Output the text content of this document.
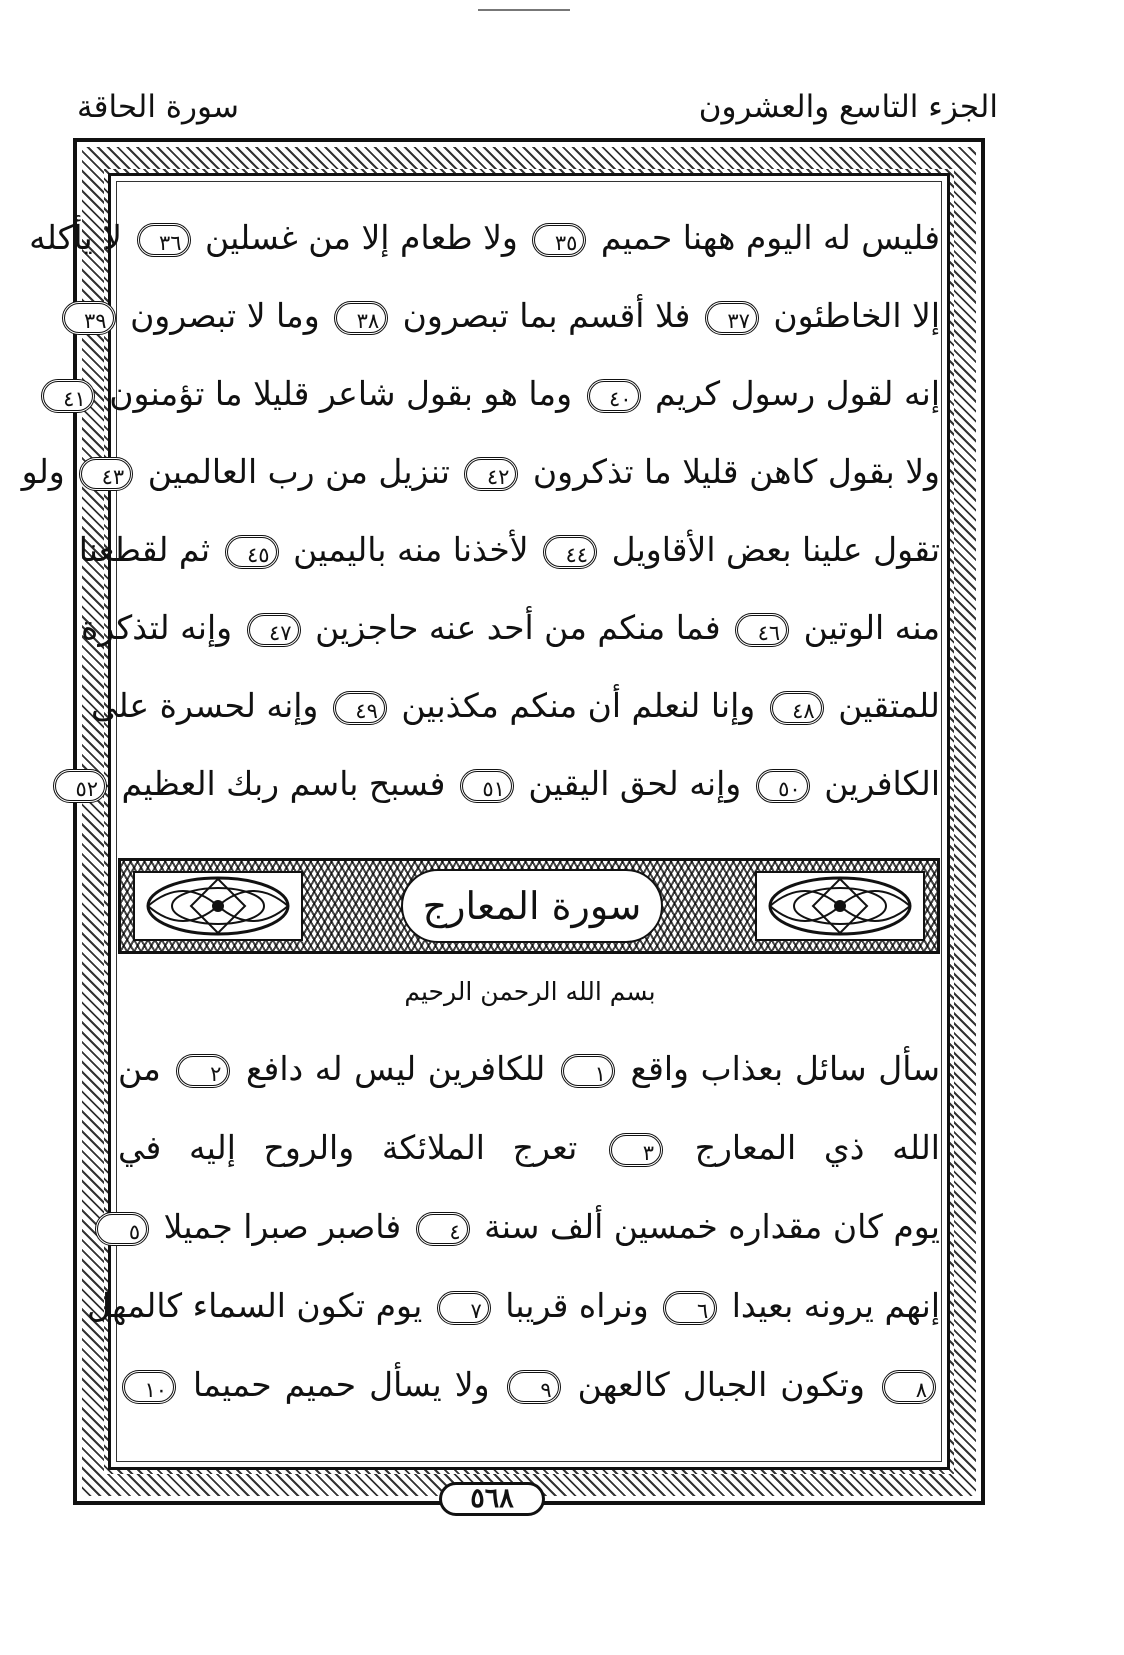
الجزء التاسع والعشرون
سورة الحاقة
فليس له اليوم ههنا حميم ٣٥ ولا طعام إلا من غسلين ٣٦ لا يأكله
إلا الخاطئون ٣٧ فلا أقسم بما تبصرون ٣٨ وما لا تبصرون ٣٩
إنه لقول رسول كريم ٤٠ وما هو بقول شاعر قليلا ما تؤمنون ٤١
ولا بقول كاهن قليلا ما تذكرون ٤٢ تنزيل من رب العالمين ٤٣ ولو
تقول علينا بعض الأقاويل ٤٤ لأخذنا منه باليمين ٤٥ ثم لقطعنا
منه الوتين ٤٦ فما منكم من أحد عنه حاجزين ٤٧ وإنه لتذكرة
للمتقين ٤٨ وإنا لنعلم أن منكم مكذبين ٤٩ وإنه لحسرة على
الكافرين ٥٠ وإنه لحق اليقين ٥١ فسبح باسم ربك العظيم ٥٢
سورة المعارج
بسم الله الرحمن الرحيم
سأل سائل بعذاب واقع ١ للكافرين ليس له دافع ٢ من
الله ذي المعارج ٣ تعرج الملائكة والروح إليه في
يوم كان مقداره خمسين ألف سنة ٤ فاصبر صبرا جميلا ٥
إنهم يرونه بعيدا ٦ ونراه قريبا ٧ يوم تكون السماء كالمهل
٨ وتكون الجبال كالعهن ٩ ولا يسأل حميم حميما ١٠
٥٦٨
